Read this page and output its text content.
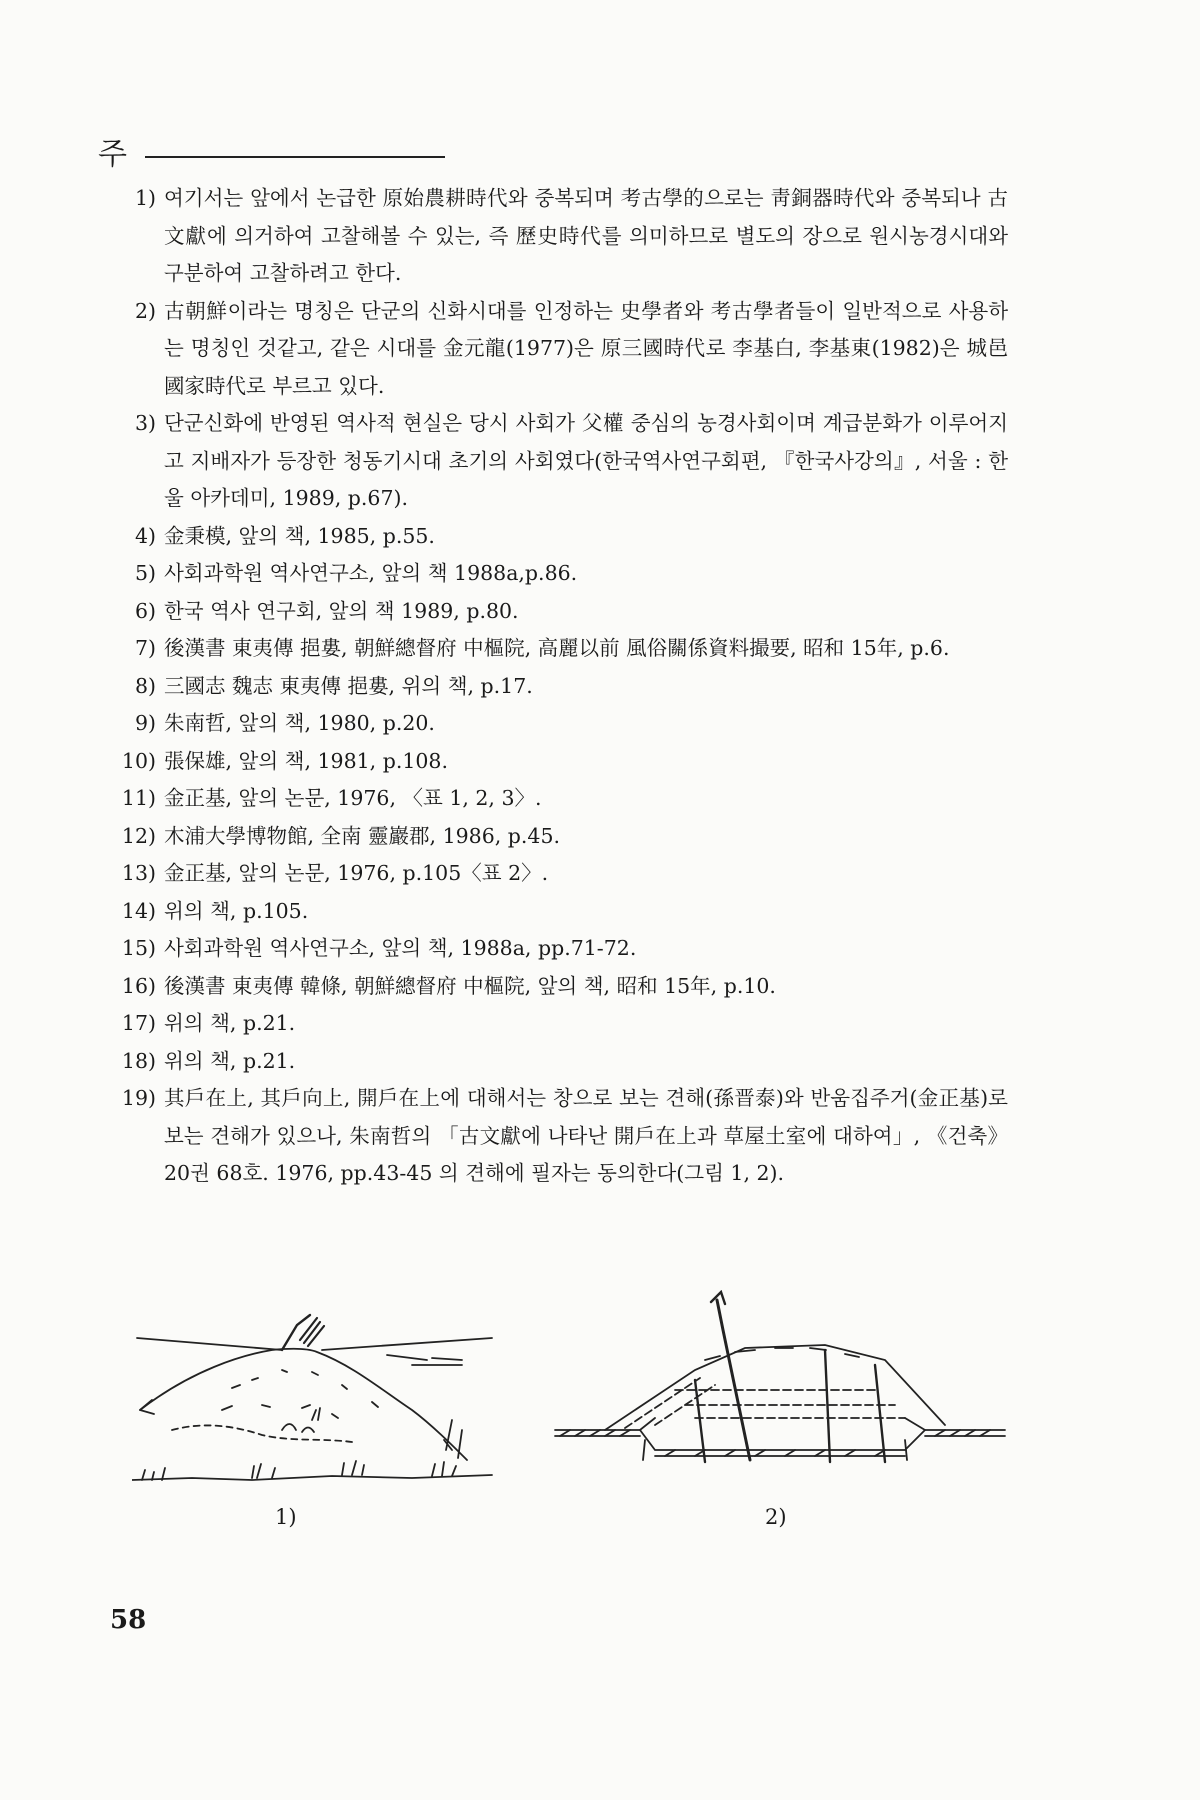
주
1) 여기서는 앞에서 논급한 原始農耕時代와 중복되며 考古學的으로는 靑銅器時代와 중복되나 古文獻에 의거하여 고찰해볼 수 있는, 즉 歷史時代를 의미하므로 별도의 장으로 원시농경시대와 구분하여 고찰하려고 한다.
2) 古朝鮮이라는 명칭은 단군의 신화시대를 인정하는 史學者와 考古學者들이 일반적으로 사용하는 명칭인 것같고, 같은 시대를 金元龍(1977)은 原三國時代로 李基白, 李基東(1982)은 城邑國家時代로 부르고 있다.
3) 단군신화에 반영된 역사적 현실은 당시 사회가 父權 중심의 농경사회이며 계급분화가 이루어지고 지배자가 등장한 청동기시대 초기의 사회였다(한국역사연구회편, 『한국사강의』, 서울 : 한울 아카데미, 1989, p.67).
4) 金秉模, 앞의 책, 1985, p.55.
5) 사회과학원 역사연구소, 앞의 책 1988a,p.86.
6) 한국 역사 연구회, 앞의 책 1989, p.80.
7) 後漢書 東夷傳 挹婁, 朝鮮總督府 中樞院, 高麗以前 風俗關係資料撮要, 昭和 15年, p.6.
8) 三國志 魏志 東夷傳 挹婁, 위의 책, p.17.
9) 朱南哲, 앞의 책, 1980, p.20.
10) 張保雄, 앞의 책, 1981, p.108.
11) 金正基, 앞의 논문, 1976, 〈표 1, 2, 3〉.
12) 木浦大學博物館, 全南 靈巖郡, 1986, p.45.
13) 金正基, 앞의 논문, 1976, p.105〈표 2〉.
14) 위의 책, p.105.
15) 사회과학원 역사연구소, 앞의 책, 1988a, pp.71-72.
16) 後漢書 東夷傳 韓條, 朝鮮總督府 中樞院, 앞의 책, 昭和 15年, p.10.
17) 위의 책, p.21.
18) 위의 책, p.21.
19) 其戶在上, 其戶向上, 開戶在上에 대해서는 창으로 보는 견해(孫晋泰)와 반움집주거(金正基)로 보는 견해가 있으나, 朱南哲의 「古文獻에 나타난 開戶在上과 草屋土室에 대하여」, 《건축》 20권 68호. 1976, pp.43-45 의 견해에 필자는 동의한다(그림 1, 2).
1)	2)
58
